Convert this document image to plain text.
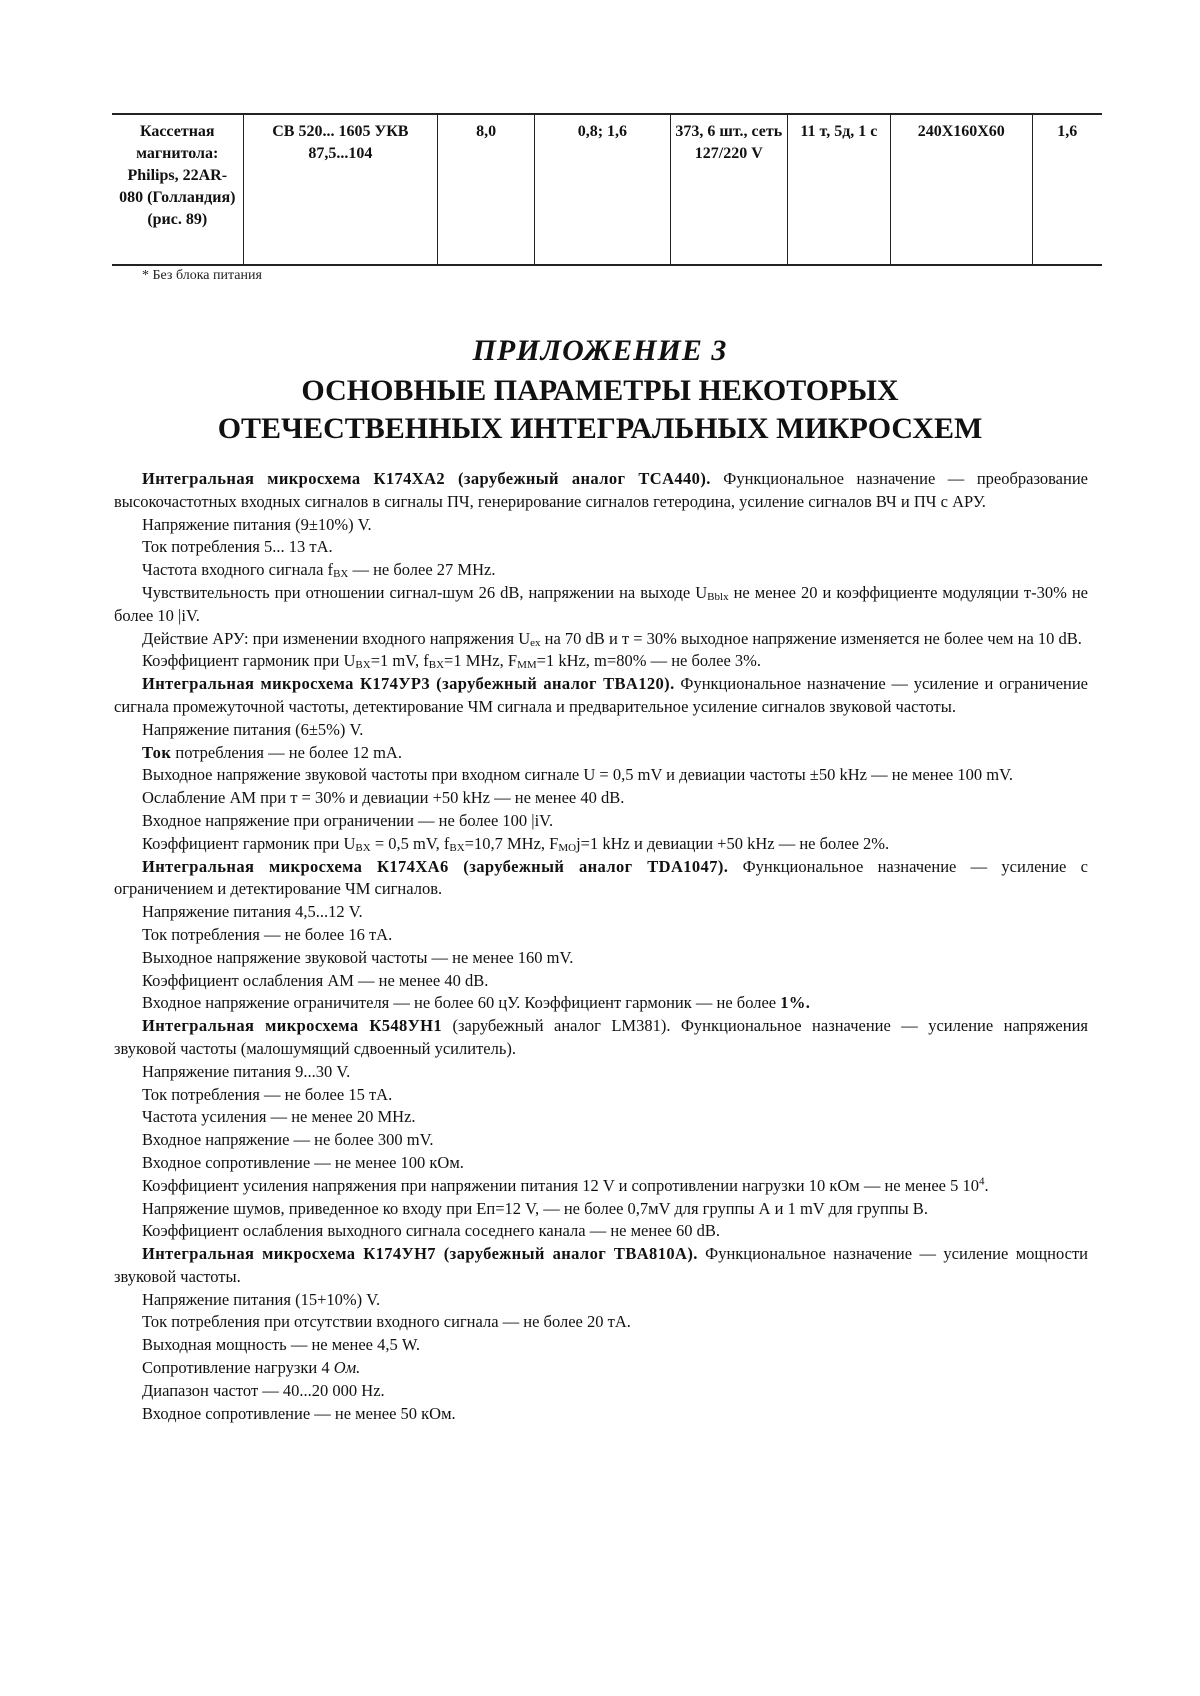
Кассетная магнитола: Philips, 22AR-080 (Голландия) (рис. 89)	СВ 520... 1605 УКВ 87,5...104	8,0	0,8; 1,6	373, 6 шт., сеть 127/220 V	11 т, 5д, 1 с	240Х160Х60	1,6
* Без блока питания
ПРИЛОЖЕНИЕ 3
ОСНОВНЫЕ ПАРАМЕТРЫ НЕКОТОРЫХ
ОТЕЧЕСТВЕННЫХ ИНТЕГРАЛЬНЫХ МИКРОСХЕМ

Интегральная микросхема К174ХА2 (зарубежный аналог TCA440). Функциональное назначение — преобразование высокочастотных входных сигналов в сигналы ПЧ, генерирование сигналов гетеродина, усиление сигналов ВЧ и ПЧ с АРУ.

Напряжение питания (9±10%) V.

Ток потребления 5... 13 тА.

Частота входного сигнала $f_{BX}$ — не более 27 MHz.

Чувствительность при отношении сигнал-шум 26 dB, напряжении на выходе $U_{Bblx}$ не менее 20 и коэффициенте модуляции т-30% не более 10 |iV.

Действие АРУ: при изменении входного напряжения $U_{ex}$ на 70 dB и т = 30% выходное напряжение изменяется не более чем на 10 dB.

Коэффициент гармоник при $U_{BX}=1$ mV, $f_{BX}=1$ MHz, $F_{MM}=1$ kHz, m=80% — не более 3%.

Интегральная микросхема К174УР3 (зарубежный аналог TBA120). Функциональное назначение — усиление и ограничение сигнала промежуточной частоты, детектирование ЧМ сигнала и предварительное усиление сигналов звуковой частоты.

Напряжение питания (6±5%) V.

Ток потребления — не более 12 mA.

Выходное напряжение звуковой частоты при входном сигнале U = 0,5 mV и девиации частоты ±50 kHz — не менее 100 mV.

Ослабление AM при т = 30% и девиации +50 kHz — не менее 40 dB.

Входное напряжение при ограничении — не более 100 |iV.

Коэффициент гармоник при $U_{BX} = 0,5$ mV, $f_{BX}=10,7$ MHz, $F_{MO}j=1$ kHz и девиации +50 kHz — не более 2%.

Интегральная микросхема К174ХА6 (зарубежный аналог TDA1047). Функциональное назначение — усиление с ограничением и детектирование ЧМ сигналов.

Напряжение питания 4,5...12 V.

Ток потребления — не более 16 тА.

Выходное напряжение звуковой частоты — не менее 160 mV.

Коэффициент ослабления AM — не менее 40 dB.

Входное напряжение ограничителя — не более 60 цУ. Коэффициент гармоник — не более 1%.

Интегральная микросхема К548УН1 (зарубежный аналог LM381). Функциональное назначение — усиление напряжения звуковой частоты (малошумящий сдвоенный усилитель).

Напряжение питания 9...30 V.

Ток потребления — не более 15 тА.

Частота усиления — не менее 20 MHz.

Входное напряжение — не более 300 mV.

Входное сопротивление — не менее 100 кОм.

Коэффициент усиления напряжения при напряжении питания 12 V и сопротивлении нагрузки 10 кОм — не менее 5 $10^4$.

Напряжение шумов, приведенное ко входу при Еп=12 V, — не более 0,7мV для группы А и 1 mV для группы В.

Коэффициент ослабления выходного сигнала соседнего канала — не менее 60 dB.

Интегральная микросхема К174УН7 (зарубежный аналог TBA810A). Функциональное назначение — усиление мощности звуковой частоты.

Напряжение питания (15+10%) V.

Ток потребления при отсутствии входного сигнала — не более 20 тА.

Выходная мощность — не менее 4,5 W.

Сопротивление нагрузки 4 Ом.

Диапазон частот — 40...20 000 Hz.

Входное сопротивление — не менее 50 кОм.
